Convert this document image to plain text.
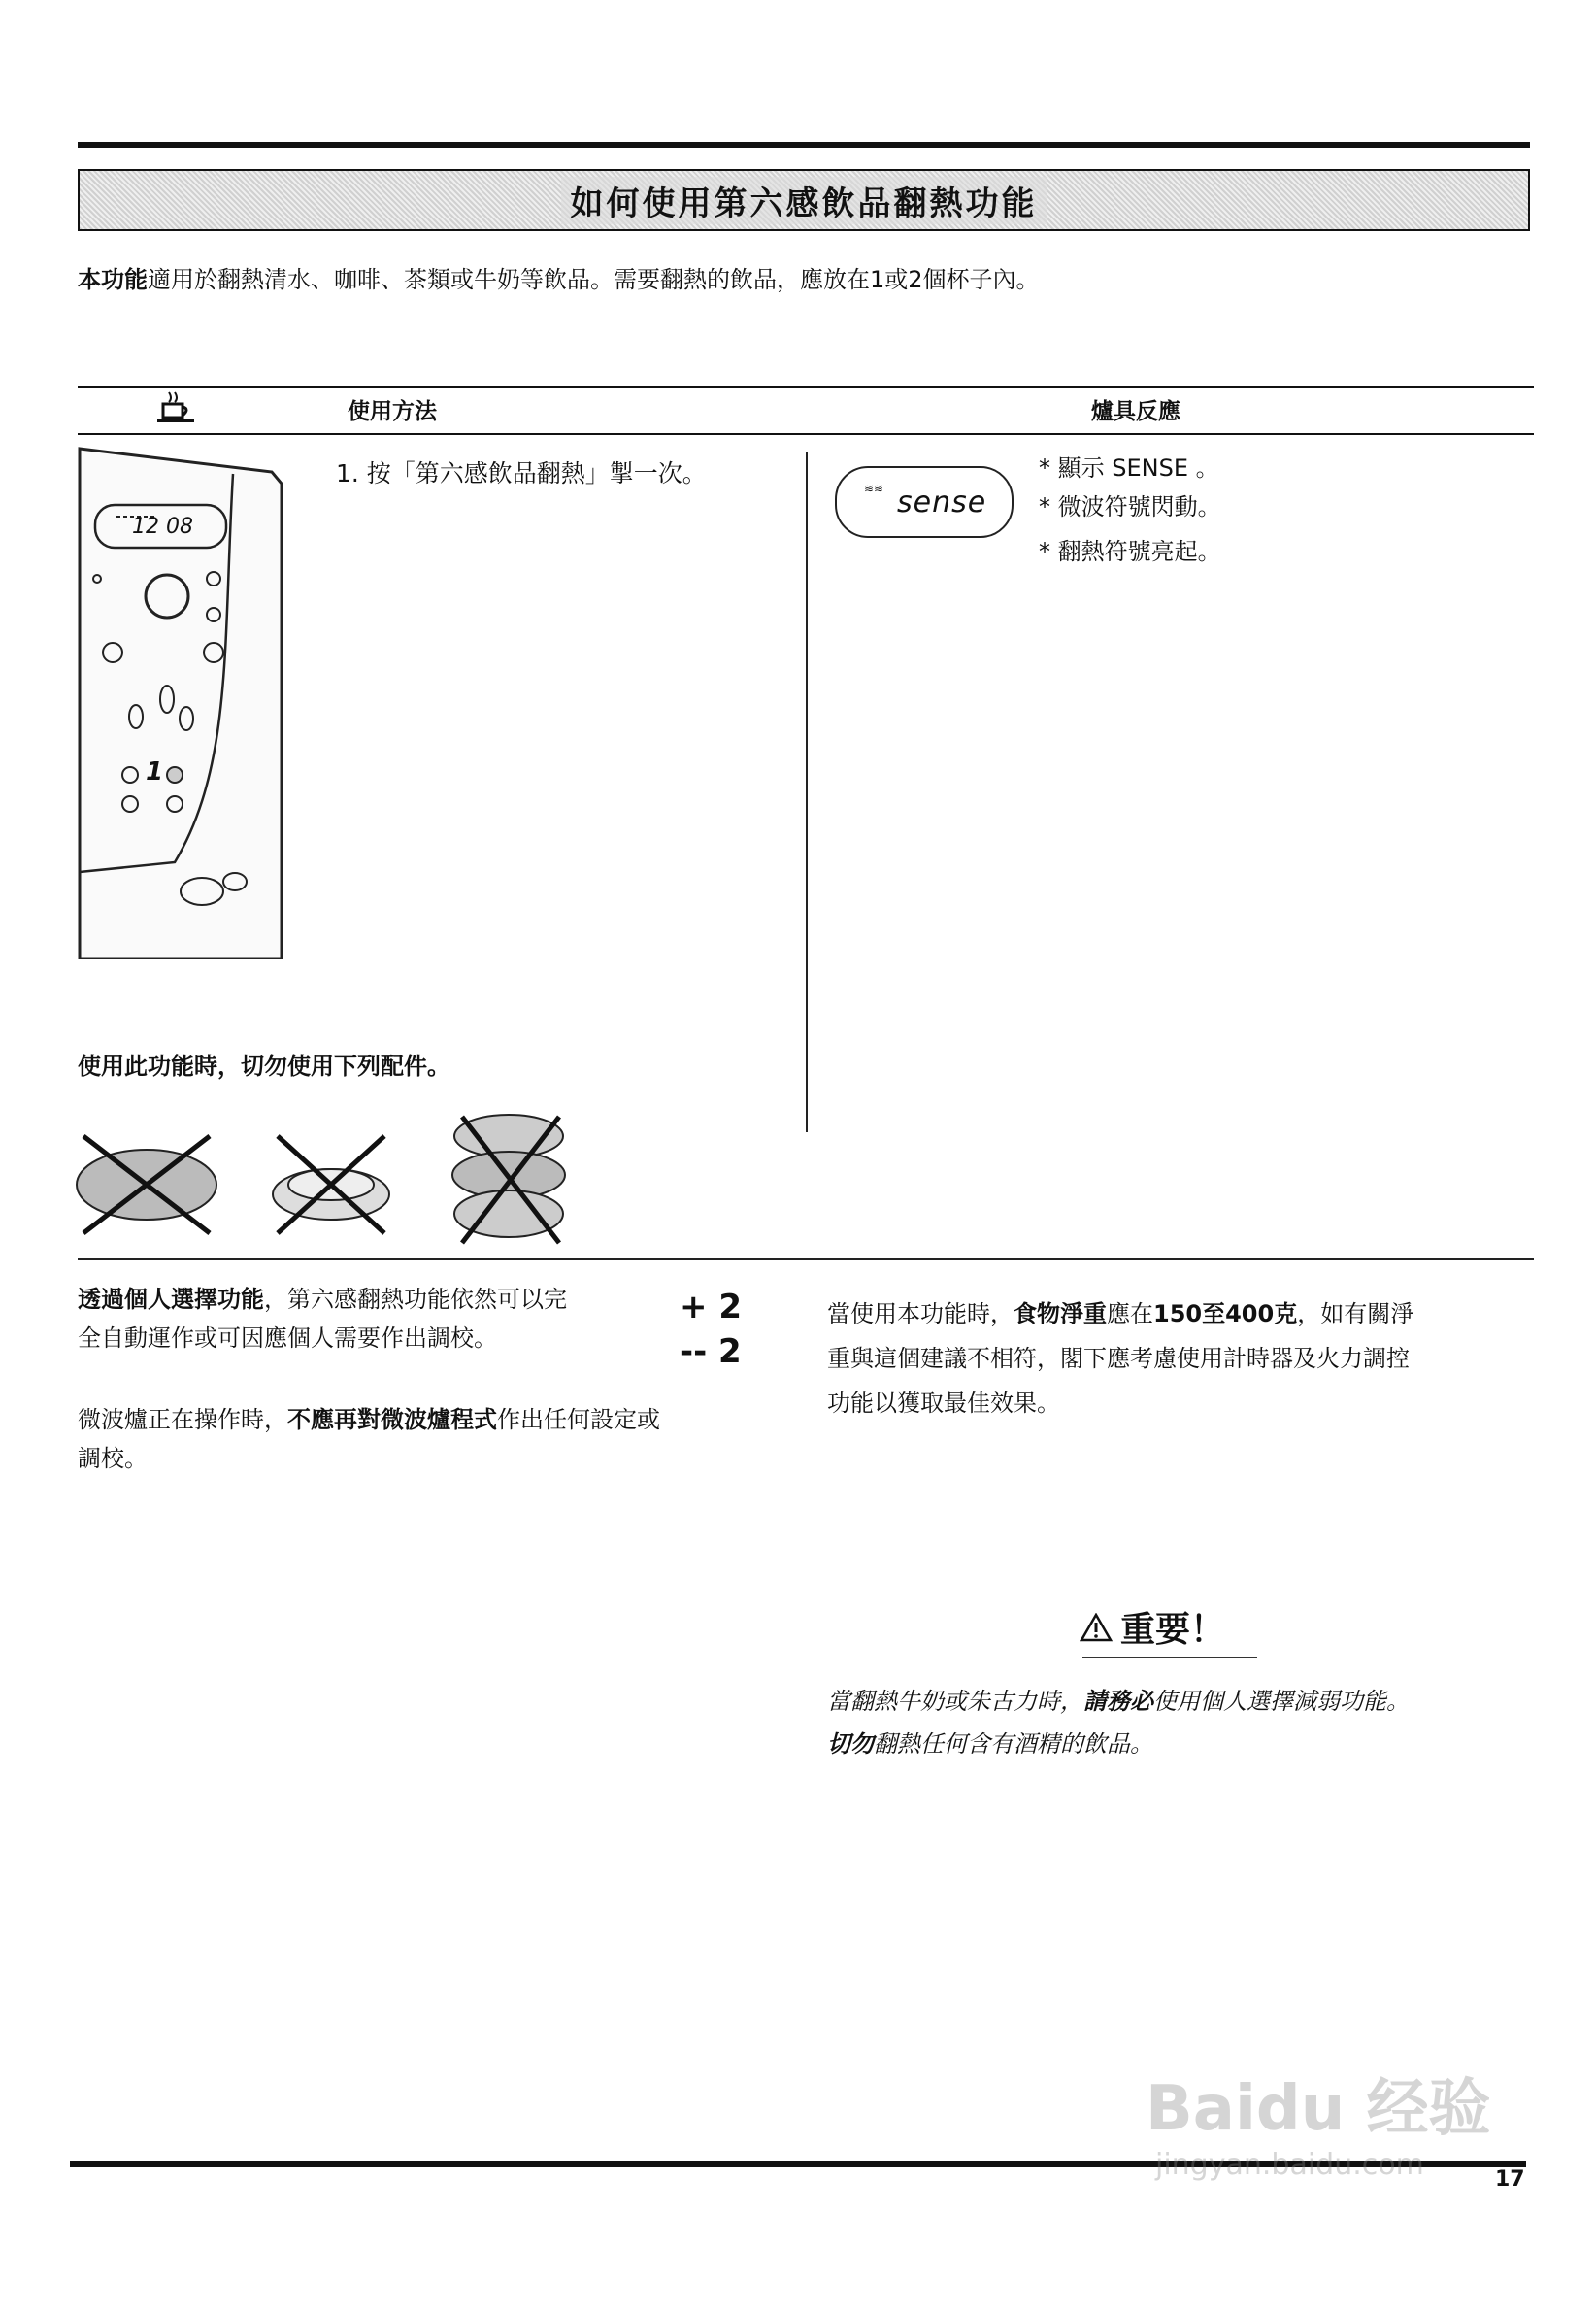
如何使用第六感飲品翻熱功能
本功能適用於翻熱清水、咖啡、茶類或牛奶等飲品。需要翻熱的飲品，應放在1或2個杯子內。
使用方法	爐具反應
12 08
1
1. 按「第六感飲品翻熱」掣一次。
≋≋ sense
* 顯示 SENSE 。
* 微波符號閃動。
* 翻熱符號亮起。
使用此功能時，切勿使用下列配件。
透過個人選擇功能，第六感翻熱功能依然可以完
全自動運作或可因應個人需要作出調校。
+ 2
-- 2
微波爐正在操作時，不應再對微波爐程式作出任何設定或
調校。
當使用本功能時，食物淨重應在150至400克，如有關淨
重與這個建議不相符，閣下應考慮使用計時器及火力調控
功能以獲取最佳效果。
重要！
當翻熱牛奶或朱古力時，請務必使用個人選擇減弱功能。
切勿翻熱任何含有酒精的飲品。
17
Baidu 经验
jingyan.baidu.com
